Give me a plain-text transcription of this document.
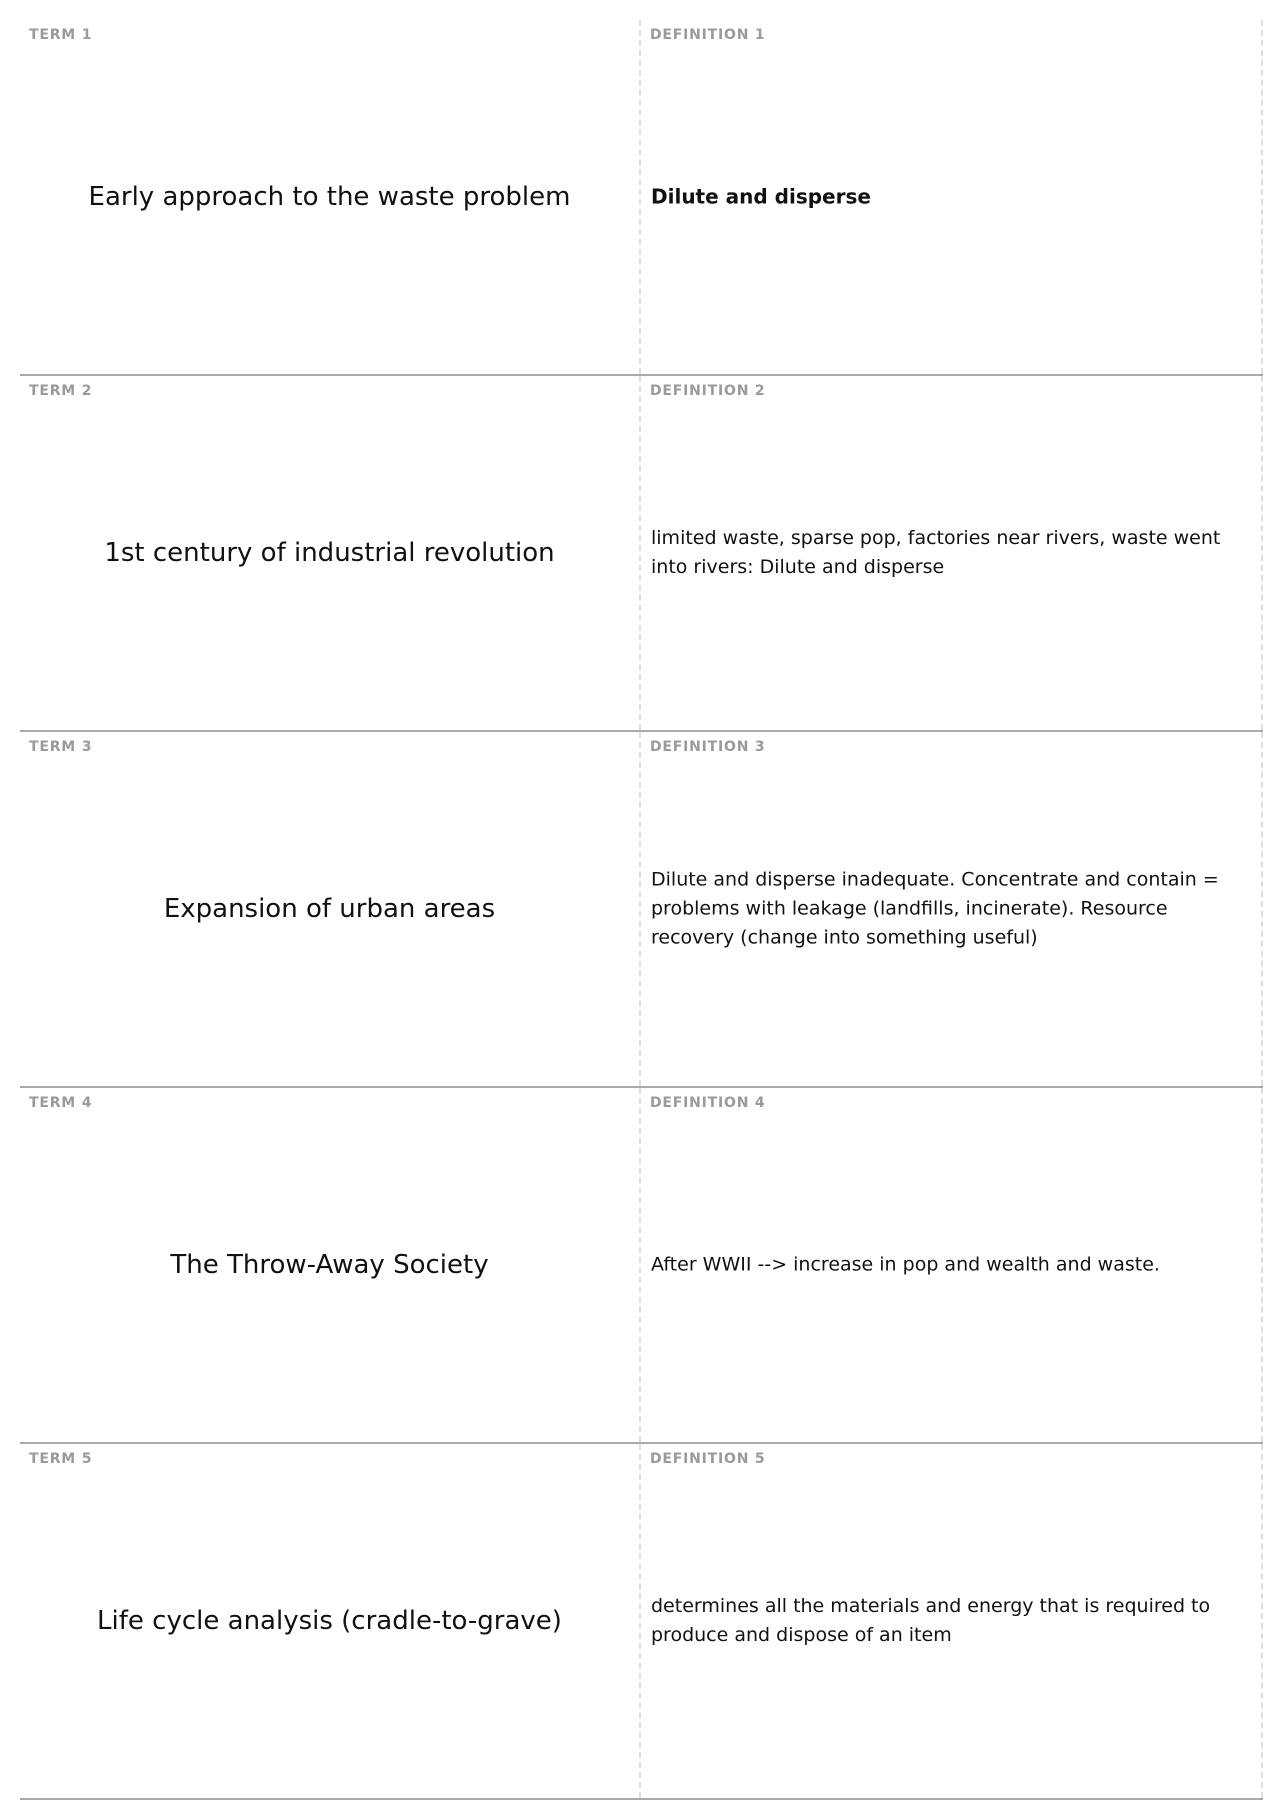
TERM 1
Early approach to the waste problem
DEFINITION 1
Dilute and disperse
TERM 2
1st century of industrial revolution
DEFINITION 2
limited waste, sparse pop, factories near rivers, waste went into rivers: Dilute and disperse
TERM 3
Expansion of urban areas
DEFINITION 3
Dilute and disperse inadequate. Concentrate and contain = problems with leakage (landfills, incinerate). Resource recovery (change into something useful)
TERM 4
The Throw-Away Society
DEFINITION 4
After WWII --> increase in pop and wealth and waste.
TERM 5
Life cycle analysis (cradle-to-grave)
DEFINITION 5
determines all the materials and energy that is required to produce and dispose of an item
